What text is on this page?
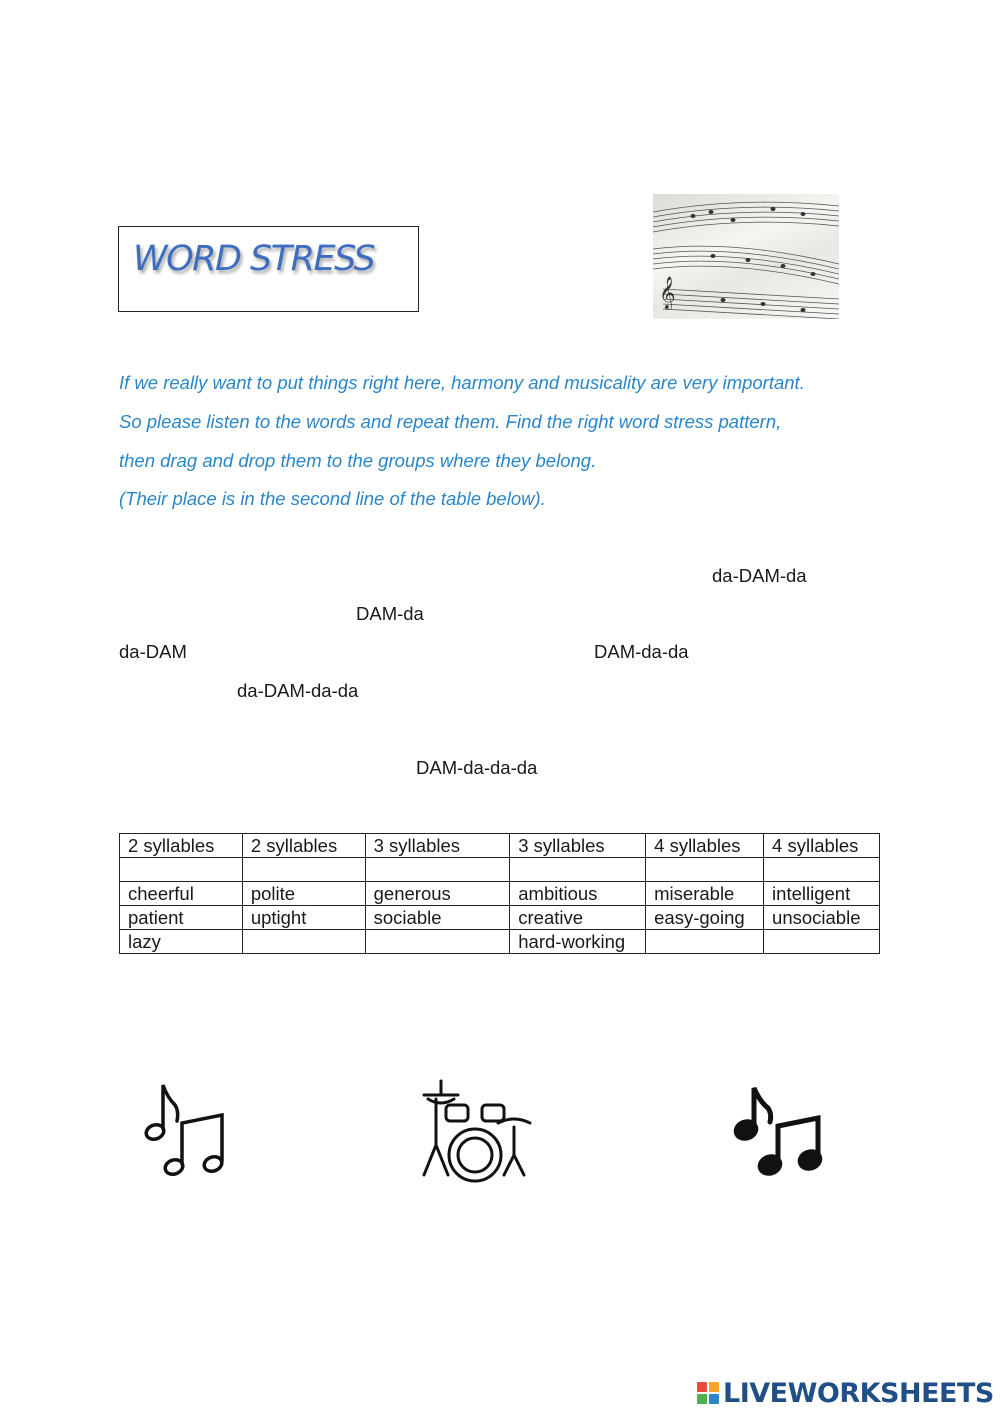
WORD STRESS
𝄞

If we really want to put things right here, harmony and musicality are very important.

So please listen to the words and repeat them. Find the right word stress pattern,

then drag and drop them to the groups where they belong.

(Their place is in the second line of the table below).

da-DAM-da
DAM-da
da-DAM	DAM-da-da
da-DAM-da-da
DAM-da-da-da
2 syllables	2 syllables	3 syllables	3 syllables	4 syllables	4 syllables

cheerful	polite	generous	ambitious	miserable	intelligent
patient	uptight	sociable	creative	easy-going	unsociable
lazy			hard-working		
LIVEWORKSHEETS
